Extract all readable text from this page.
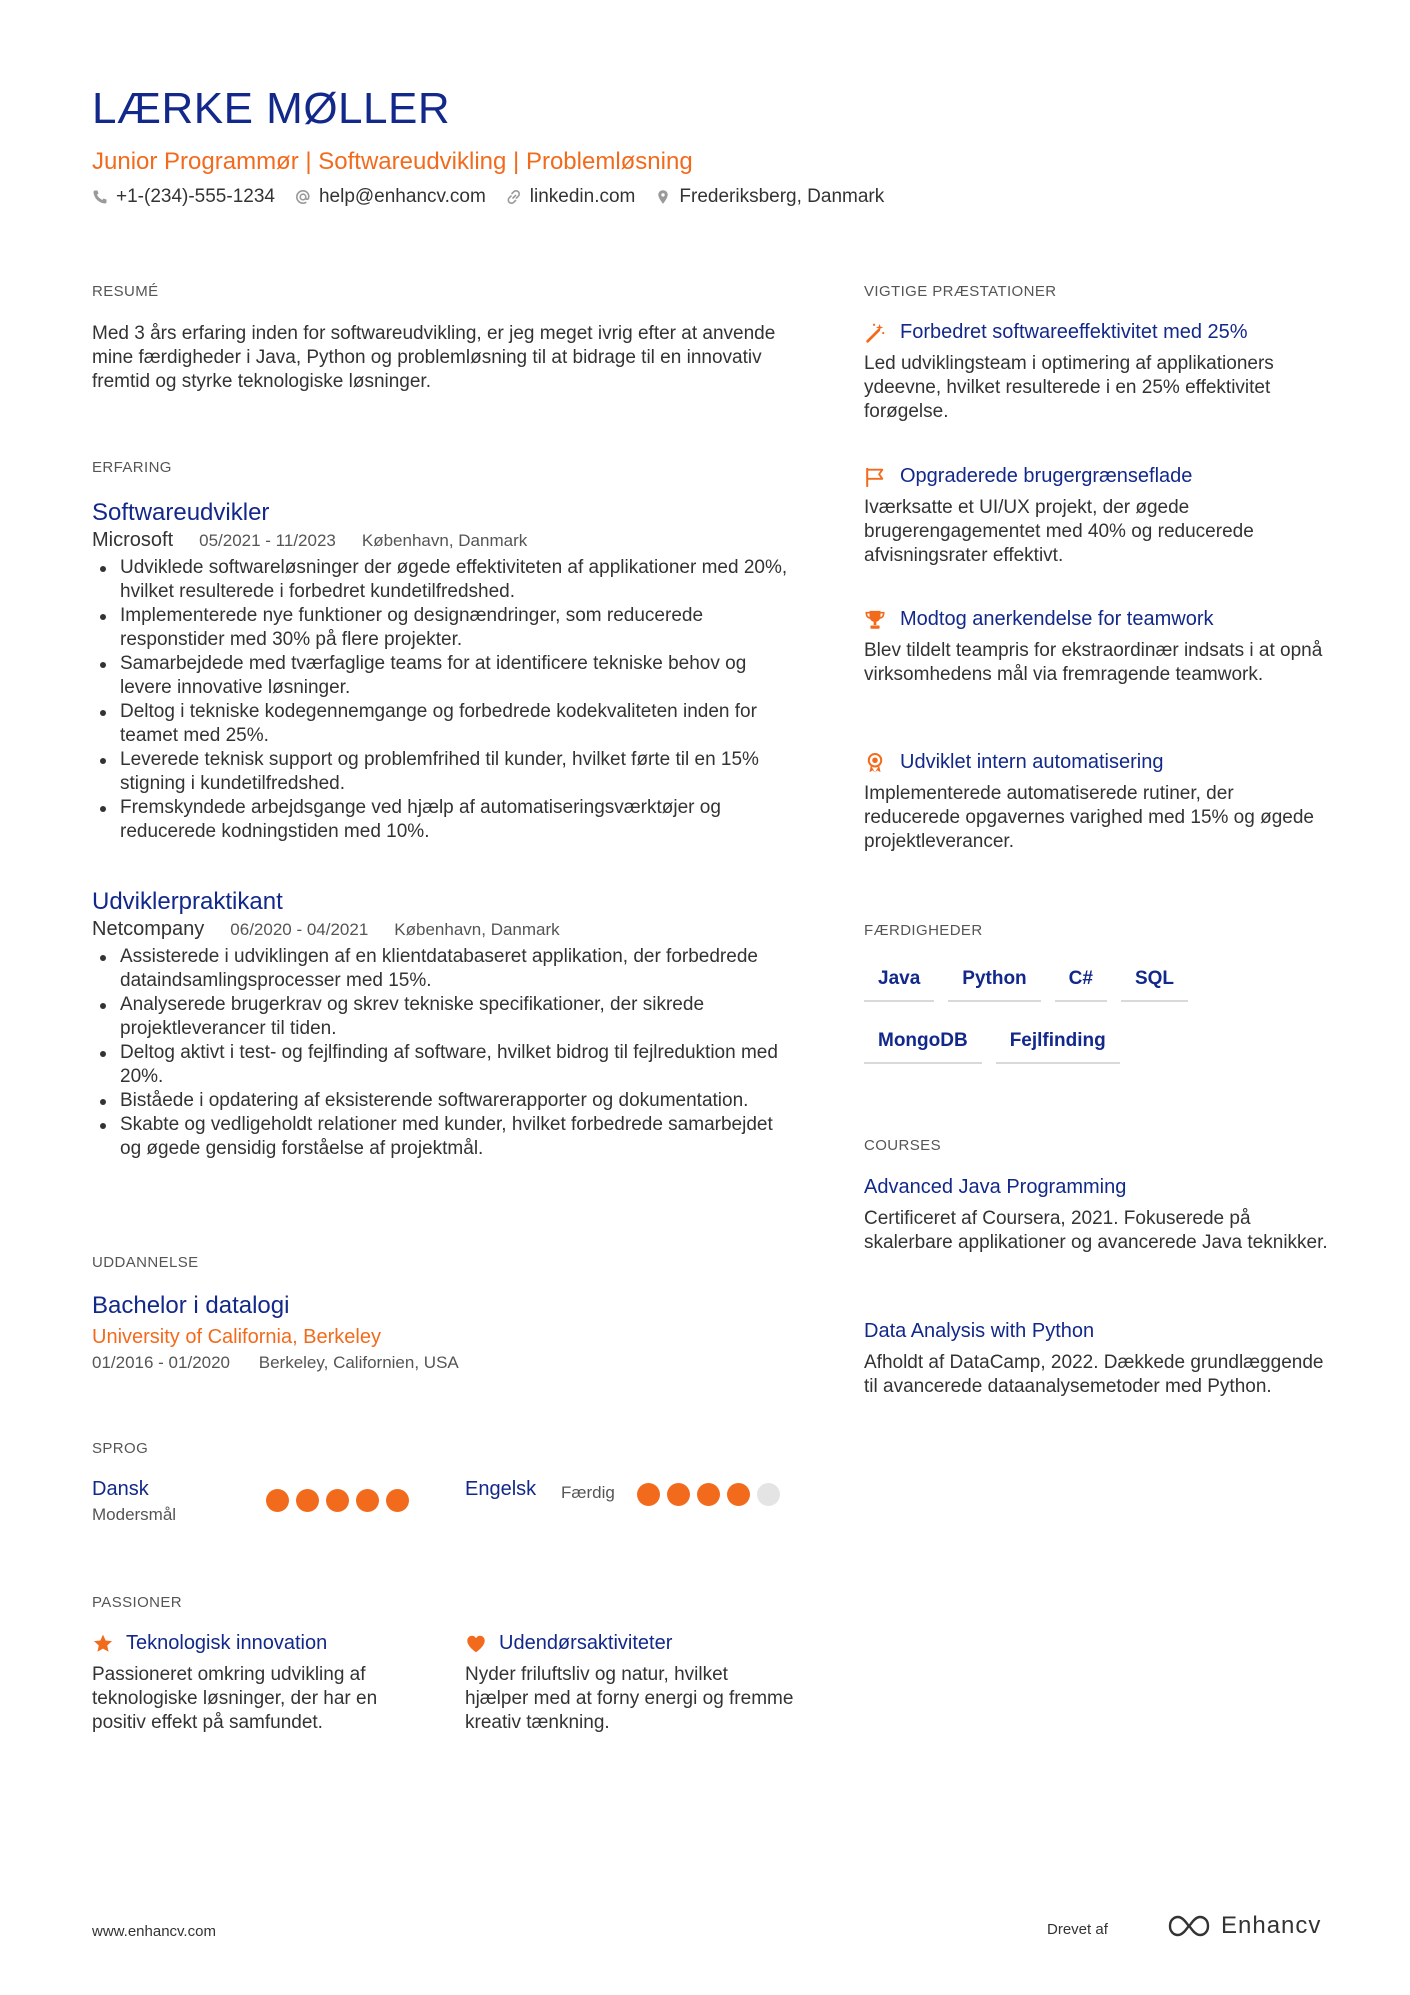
LÆRKE MØLLER
Junior Programmør | Softwareudvikling | Problemløsning
+1-(234)-555-1234 help@enhancv.com linkedin.com Frederiksberg, Danmark
RESUMÉ

Med 3 års erfaring inden for softwareudvikling, er jeg meget ivrig efter at anvende mine færdigheder i Java, Python og problemløsning til at bidrage til en innovativ fremtid og styrke teknologiske løsninger.

ERFARING
Softwareudvikler
Microsoft 05/2021 - 11/2023 København, Danmark
Udviklede softwareløsninger der øgede effektiviteten af applikationer med 20%, hvilket resulterede i forbedret kundetilfredshed.
Implementerede nye funktioner og designændringer, som reducerede responstider med 30% på flere projekter.
Samarbejdede med tværfaglige teams for at identificere tekniske behov og levere innovative løsninger.
Deltog i tekniske kodegennemgange og forbedrede kodekvaliteten inden for teamet med 25%.
Leverede teknisk support og problemfrihed til kunder, hvilket førte til en 15% stigning i kundetilfredshed.
Fremskyndede arbejdsgange ved hjælp af automatiseringsværktøjer og reducerede kodningstiden med 10%.
Udviklerpraktikant
Netcompany 06/2020 - 04/2021 København, Danmark
Assisterede i udviklingen af en klientdatabaseret applikation, der forbedrede dataindsamlingsprocesser med 15%.
Analyserede brugerkrav og skrev tekniske specifikationer, der sikrede projektleverancer til tiden.
Deltog aktivt i test- og fejlfinding af software, hvilket bidrog til fejlreduktion med 20%.
Biståede i opdatering af eksisterende softwarerapporter og dokumentation.
Skabte og vedligeholdt relationer med kunder, hvilket forbedrede samarbejdet og øgede gensidig forståelse af projektmål.
UDDANNELSE
Bachelor i datalogi
University of California, Berkeley
01/2016 - 01/2020 Berkeley, Californien, USA
SPROG
Dansk
Modersmål
Engelsk Færdig
PASSIONER
Teknologisk innovation
Passioneret omkring udvikling af teknologiske løsninger, der har en positiv effekt på samfundet.
Udendørsaktiviteter
Nyder friluftsliv og natur, hvilket hjælper med at forny energi og fremme kreativ tænkning.
VIGTIGE PRÆSTATIONER
Forbedret softwareeffektivitet med 25%
Led udviklingsteam i optimering af applikationers ydeevne, hvilket resulterede i en 25% effektivitet forøgelse.
Opgraderede brugergrænseflade
Iværksatte et UI/UX projekt, der øgede brugerengagementet med 40% og reducerede afvisningsrater effektivt.
Modtog anerkendelse for teamwork
Blev tildelt teampris for ekstraordinær indsats i at opnå virksomhedens mål via fremragende teamwork.
Udviklet intern automatisering
Implementerede automatiserede rutiner, der reducerede opgavernes varighed med 15% og øgede projektleverancer.
FÆRDIGHEDER
Java	Python	C#	SQL
MongoDB	Fejlfinding
COURSES
Advanced Java Programming
Certificeret af Coursera, 2021. Fokuserede på skalerbare applikationer og avancerede Java teknikker.
Data Analysis with Python
Afholdt af DataCamp, 2022. Dækkede grundlæggende til avancerede dataanalysemetoder med Python.
www.enhancv.com	Drevet af	Enhancv
